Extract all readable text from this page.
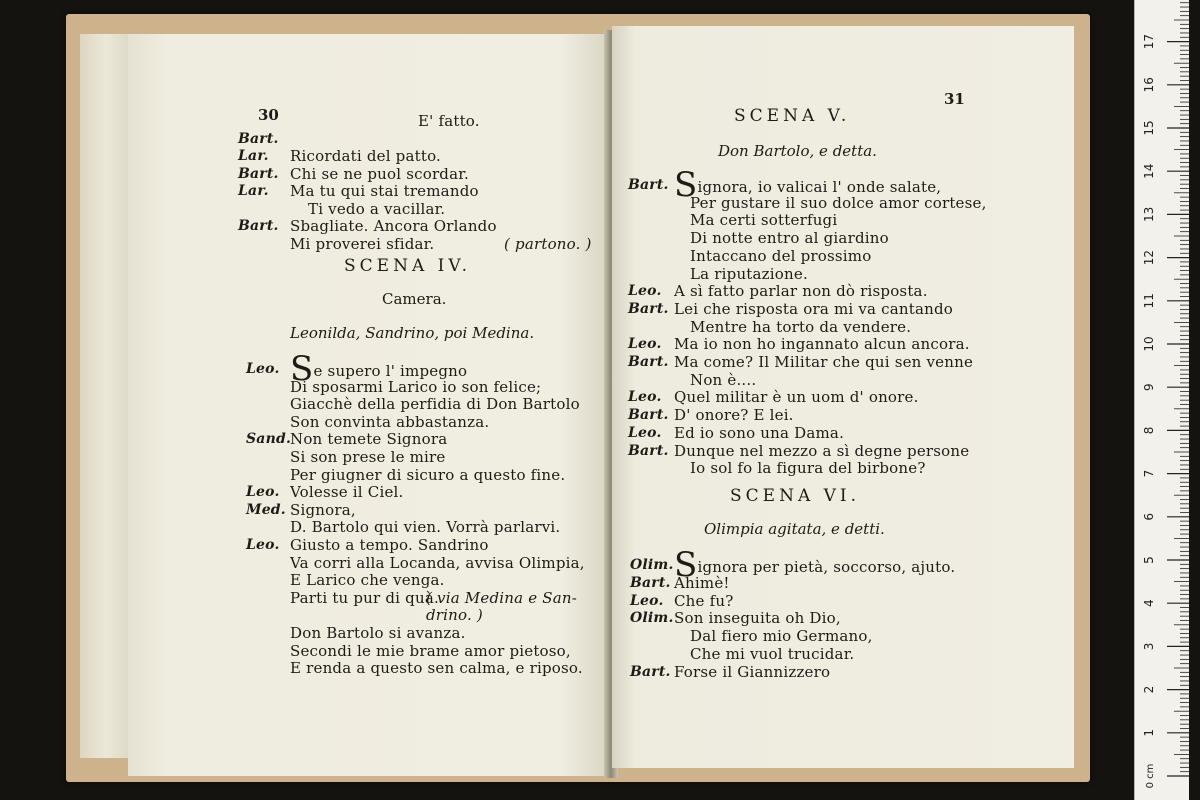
30	E' fatto.
Bart.
Lar. Ricordati del patto.
Bart. Chi se ne puol scordar.
Lar. Ma tu qui stai tremando
Ti vedo a vacillar.
Bart. Sbagliate. Ancora Orlando
Mi proverei sfidar.	( partono. )
SCENA IV.
Camera.
Leonilda, Sandrino, poi Medina.
Leo. Se supero l' impegno
Di sposarmi Larico io son felice;
Giacchè della perfidia di Don Bartolo
Son convinta abbastanza.
Sand.
Non temete Signora
Si son prese le mire
Per giugner di sicuro a questo fine.
Leo. Volesse il Ciel.
Med. Signora,
D. Bartolo qui vien. Vorrà parlarvi.
Leo. Giusto a tempo. Sandrino
Va corri alla Locanda, avvisa Olimpia,
E Larico che venga.
Parti tu pur di quà.
( via Medina e San-
drino. )
Don Bartolo si avanza.
Secondi le mie brame amor pietoso,
E renda a questo sen calma, e riposo.
31
SCENA V.
Don Bartolo, e detta.
Bart. Signora, io valicai l' onde salate,
Per gustare il suo dolce amor cortese,
Ma certi sotterfugi
Di notte entro al giardino
Intaccano del prossimo
La riputazione.
Leo. A sì fatto parlar non dò risposta.
Bart. Lei che risposta ora mi va cantando
Mentre ha torto da vendere.
Leo. Ma io non ho ingannato alcun ancora.
Bart. Ma come? Il Militar che qui sen venne
Non è....
Leo. Quel militar è un uom d' onore.
Bart. D' onore? E lei.
Leo. Ed io sono una Dama.
Bart. Dunque nel mezzo a sì degne persone
Io sol fo la figura del birbone?
SCENA VI.
Olimpia agitata, e detti.
Olim. Signora per pietà, soccorso, ajuto.
Bart. Ahimè!
Leo. Che fu?
Olim. Son inseguita oh Dio,
Dal fiero mio Germano,
Che mi vuol trucidar.
Bart. Forse il Giannizzero
0 cm
1
2
3
4
5
6
7
8
9
10
11
12
13
14
15
16
17
